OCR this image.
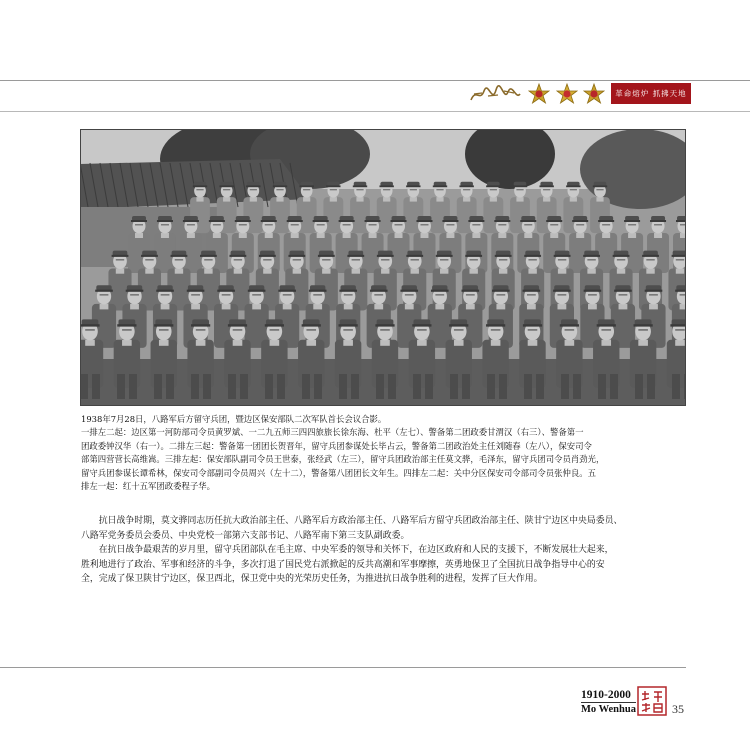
革命熔炉 抓拂天地

1938年7月28日，八路军后方留守兵团，暨边区保安部队二次军队首长会议合影。

一排左二起：边区第一河防部司令员黄罗斌、一二九五师三四四旅旅长徐东海、杜平（左七）、警备第二团政委甘渭汉（右三）、警备第一

团政委钟汉华（右一）。二排左三起：警备第一团团长贺晋年，留守兵团参谋处长毕占云，警备第二团政治处主任刘随春（左八），保安司令

部第四营营长高维嵩。三排左起：保安部队副司令员王世泰，张经武（左三），留守兵团政治部主任莫文骅，毛泽东，留守兵团司令员肖劲光，

留守兵团参谋长谭希林，保安司令部副司令员周兴（左十二），警备第八团团长文年生。四排左二起：关中分区保安司令部司令员张仲良。五

排左一起：红十五军团政委程子华。

抗日战争时期，莫文骅同志历任抗大政治部主任、八路军后方政治部主任、八路军后方留守兵团政治部主任、陕甘宁边区中央局委员、

八路军党务委员会委员、中央党校一部第六支部书记、八路军南下第三支队副政委。

在抗日战争最艰苦的岁月里，留守兵团部队在毛主席、中央军委的领导和关怀下，在边区政府和人民的支援下，不断发展壮大起来，

胜利地进行了政治、军事和经济的斗争，多次打退了国民党右派掀起的反共高潮和军事摩擦，英勇地保卫了全国抗日战争指导中心的安

全，完成了保卫陕甘宁边区，保卫西北，保卫党中央的光荣历史任务，为推进抗日战争胜利的进程，发挥了巨大作用。

1910-2000
Mo Wenhua	35
